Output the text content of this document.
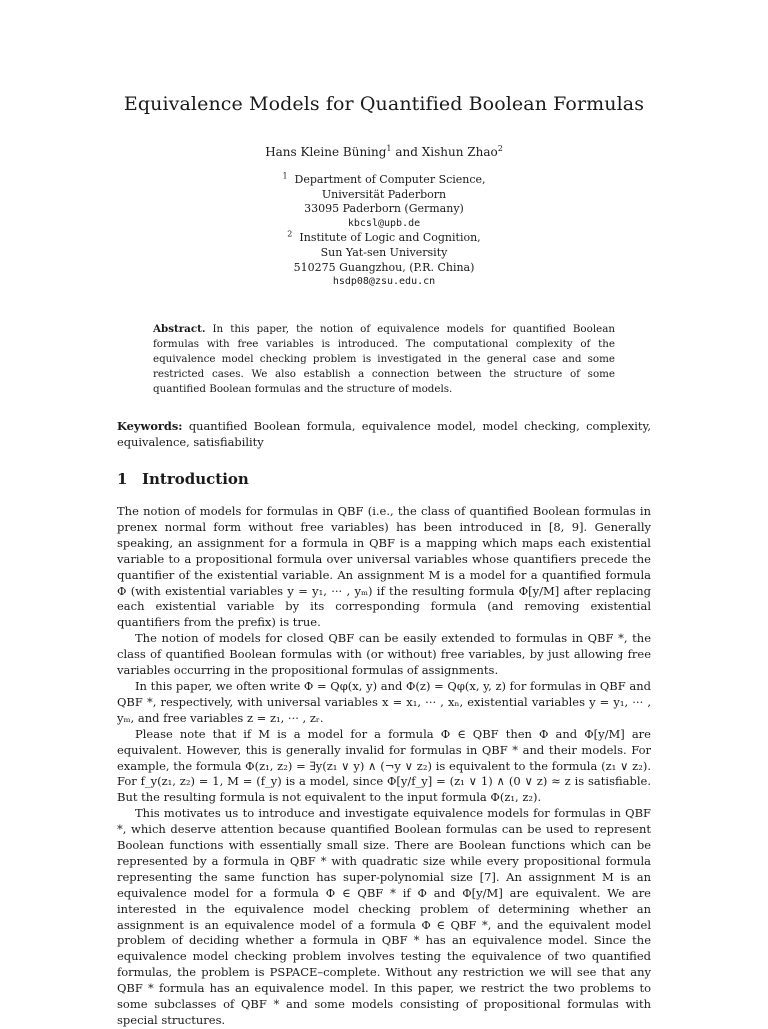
Equivalence Models for Quantified Boolean Formulas
Hans Kleine Büning$^1$ and Xishun Zhao$^2$
$^1$ Department of Computer Science,
Universität Paderborn
33095 Paderborn (Germany)
kbcsl@upb.de
$^2$ Institute of Logic and Cognition,
Sun Yat-sen University
510275 Guangzhou, (P.R. China)
hsdp08@zsu.edu.cn
Abstract. In this paper, the notion of equivalence models for quantified Boolean formulas with free variables is introduced. The computational complexity of the equivalence model checking problem is investigated in the general case and some restricted cases. We also establish a connection between the structure of some quantified Boolean formulas and the structure of models.
Keywords: quantified Boolean formula, equivalence model, model checking, complexity, equivalence, satisfiability
1 Introduction

The notion of models for formulas in QBF (i.e., the class of quantified Boolean formulas in prenex normal form without free variables) has been introduced in [8, 9]. Generally speaking, an assignment for a formula in QBF is a mapping which maps each existential variable to a propositional formula over universal variables whose quantifiers precede the quantifier of the existential variable. An assignment M is a model for a quantified formula Φ (with existential variables y = y₁, ··· , yₘ) if the resulting formula Φ[y/M] after replacing each existential variable by its corresponding formula (and removing existential quantifiers from the prefix) is true.

The notion of models for closed QBF can be easily extended to formulas in QBF *, the class of quantified Boolean formulas with (or without) free variables, by just allowing free variables occurring in the propositional formulas of assignments.

In this paper, we often write Φ = Qφ(x, y) and Φ(z) = Qφ(x, y, z) for formulas in QBF and QBF *, respectively, with universal variables x = x₁, ··· , xₙ, existential variables y = y₁, ··· , yₘ, and free variables z = z₁, ··· , zᵣ.

Please note that if M is a model for a formula Φ ∈ QBF then Φ and Φ[y/M] are equivalent. However, this is generally invalid for formulas in QBF * and their models. For example, the formula Φ(z₁, z₂) = ∃y(z₁ ∨ y) ∧ (¬y ∨ z₂) is equivalent to the formula (z₁ ∨ z₂). For f_y(z₁, z₂) = 1, M = (f_y) is a model, since Φ[y/f_y] = (z₁ ∨ 1) ∧ (0 ∨ z) ≈ z is satisfiable. But the resulting formula is not equivalent to the input formula Φ(z₁, z₂).

This motivates us to introduce and investigate equivalence models for formulas in QBF *, which deserve attention because quantified Boolean formulas can be used to represent Boolean functions with essentially small size. There are Boolean functions which can be represented by a formula in QBF * with quadratic size while every propositional formula representing the same function has super-polynomial size [7]. An assignment M is an equivalence model for a formula Φ ∈ QBF * if Φ and Φ[y/M] are equivalent. We are interested in the equivalence model checking problem of determining whether an assignment is an equivalence model of a formula Φ ∈ QBF *, and the equivalent model problem of deciding whether a formula in QBF * has an equivalence model. Since the equivalence model checking problem involves testing the equivalence of two quantified formulas, the problem is PSPACE–complete. Without any restriction we will see that any QBF * formula has an equivalence model. In this paper, we restrict the two problems to some subclasses of QBF * and some models consisting of propositional formulas with special structures.
